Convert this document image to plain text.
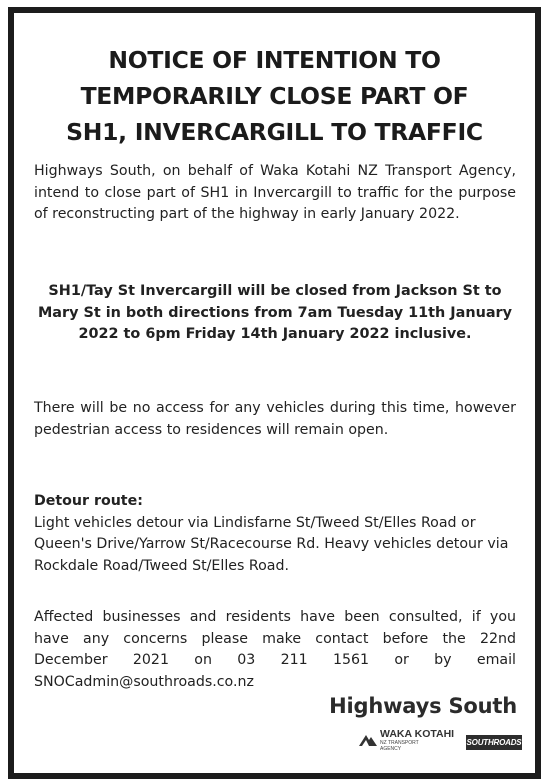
NOTICE OF INTENTION TO
TEMPORARILY CLOSE PART OF
SH1, INVERCARGILL TO TRAFFIC

Highways South, on behalf of Waka Kotahi NZ Transport Agency, intend to close part of SH1 in Invercargill to traffic for the purpose of reconstructing part of the highway in early January 2022.

SH1/Tay St Invercargill will be closed from Jackson St to Mary St in both directions from 7am Tuesday 11th January 2022 to 6pm Friday 14th January 2022 inclusive.

There will be no access for any vehicles during this time, however pedestrian access to residences will remain open.

Detour route:
Light vehicles detour via Lindisfarne St/Tweed St/Elles Road or Queen's Drive/Yarrow St/Racecourse Rd. Heavy vehicles detour via Rockdale Road/Tweed St/Elles Road.

Affected businesses and residents have been consulted, if you have any concerns please make contact before the 22nd December 2021 on 03 211 1561 or by email SNOCadmin@southroads.co.nz

Highways South
WAKA KOTAHI
NZ TRANSPORT
AGENCY
SOUTHROADS
